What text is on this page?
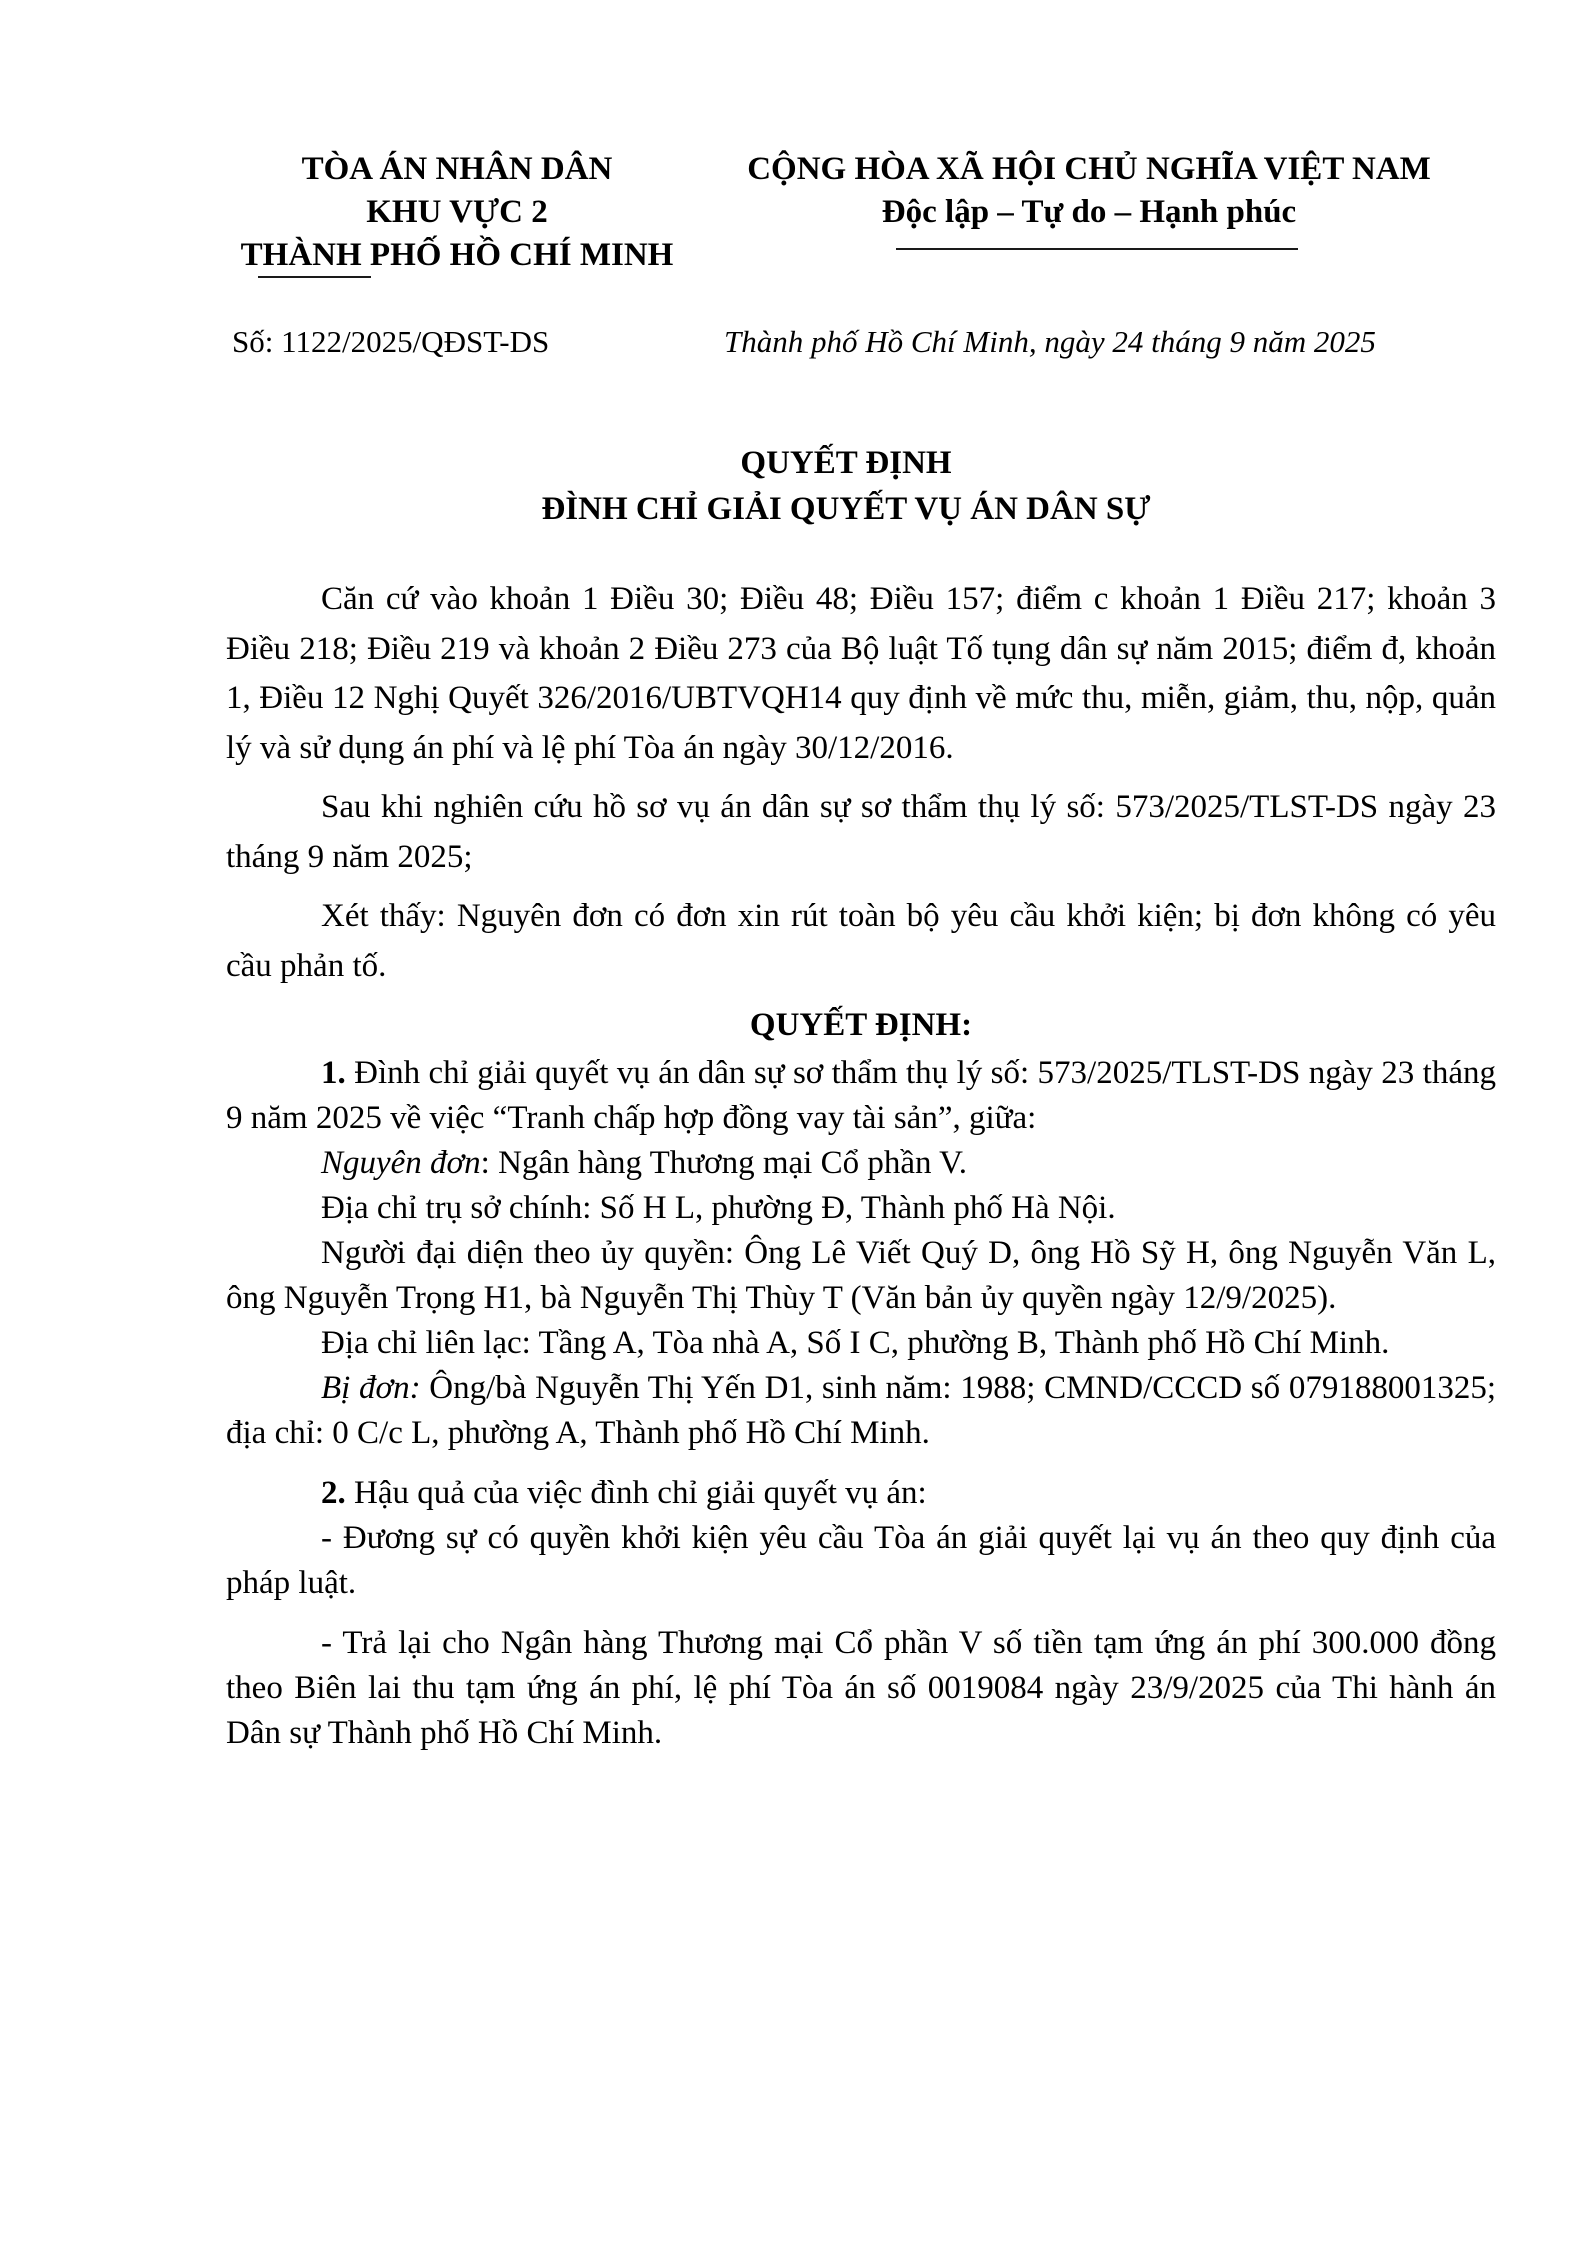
TÒA ÁN NHÂN DÂN
KHU VỰC 2
THÀNH PHỐ HỒ CHÍ MINH
CỘNG HÒA XÃ HỘI CHỦ NGHĨA VIỆT NAM
Độc lập – Tự do – Hạnh phúc
Số: 1122/2025/QĐST-DS	Thành phố Hồ Chí Minh, ngày 24 tháng 9 năm 2025
QUYẾT ĐỊNH
ĐÌNH CHỈ GIẢI QUYẾT VỤ ÁN DÂN SỰ

Căn cứ vào khoản 1 Điều 30; Điều 48; Điều 157; điểm c khoản 1 Điều 217; khoản 3 Điều 218; Điều 219 và khoản 2 Điều 273 của Bộ luật Tố tụng dân sự năm 2015; điểm đ, khoản 1, Điều 12 Nghị Quyết 326/2016/UBTVQH14 quy định về mức thu, miễn, giảm, thu, nộp, quản lý và sử dụng án phí và lệ phí Tòa án ngày 30/12/2016.

Sau khi nghiên cứu hồ sơ vụ án dân sự sơ thẩm thụ lý số: 573/2025/TLST-DS ngày 23 tháng 9 năm 2025;

Xét thấy: Nguyên đơn có đơn xin rút toàn bộ yêu cầu khởi kiện; bị đơn không có yêu cầu phản tố.

QUYẾT ĐỊNH:

1. Đình chỉ giải quyết vụ án dân sự sơ thẩm thụ lý số: 573/2025/TLST-DS ngày 23 tháng 9 năm 2025 về việc “Tranh chấp hợp đồng vay tài sản”, giữa:

Nguyên đơn: Ngân hàng Thương mại Cổ phần V.

Địa chỉ trụ sở chính: Số H L, phường Đ, Thành phố Hà Nội.

Người đại diện theo ủy quyền: Ông Lê Viết Quý D, ông Hồ Sỹ H, ông Nguyễn Văn L, ông Nguyễn Trọng H1, bà Nguyễn Thị Thùy T (Văn bản ủy quyền ngày 12/9/2025).

Địa chỉ liên lạc: Tầng A, Tòa nhà A, Số I C, phường B, Thành phố Hồ Chí Minh.

Bị đơn: Ông/bà Nguyễn Thị Yến D1, sinh năm: 1988; CMND/CCCD số 079188001325; địa chỉ: 0 C/c L, phường A, Thành phố Hồ Chí Minh.

2. Hậu quả của việc đình chỉ giải quyết vụ án:

- Đương sự có quyền khởi kiện yêu cầu Tòa án giải quyết lại vụ án theo quy định của pháp luật.

- Trả lại cho Ngân hàng Thương mại Cổ phần V số tiền tạm ứng án phí 300.000 đồng theo Biên lai thu tạm ứng án phí, lệ phí Tòa án số 0019084 ngày 23/9/2025 của Thi hành án Dân sự Thành phố Hồ Chí Minh.
